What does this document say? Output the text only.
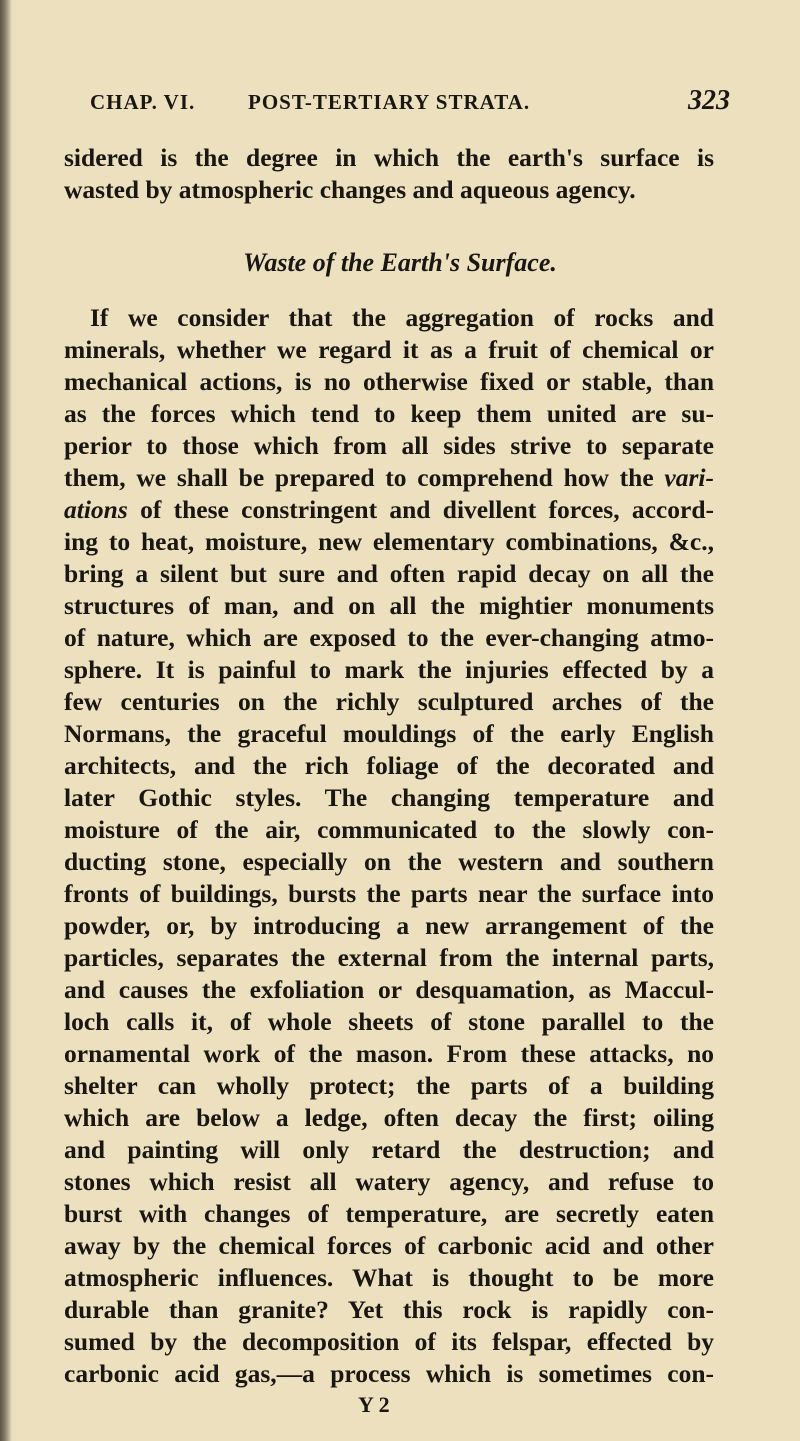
CHAP. VI.	POST-TERTIARY STRATA.	323
sidered is the degree in which the earth's surface is
wasted by atmospheric changes and aqueous agency.
Waste of the Earth's Surface.
If we consider that the aggregation of rocks and
minerals, whether we regard it as a fruit of chemical or
mechanical actions, is no otherwise fixed or stable, than
as the forces which tend to keep them united are su-
perior to those which from all sides strive to separate
them, we shall be prepared to comprehend how the vari-
ations of these constringent and divellent forces, accord-
ing to heat, moisture, new elementary combinations, &c.,
bring a silent but sure and often rapid decay on all the
structures of man, and on all the mightier monuments
of nature, which are exposed to the ever-changing atmo-
sphere. It is painful to mark the injuries effected by a
few centuries on the richly sculptured arches of the
Normans, the graceful mouldings of the early English
architects, and the rich foliage of the decorated and
later Gothic styles. The changing temperature and
moisture of the air, communicated to the slowly con-
ducting stone, especially on the western and southern
fronts of buildings, bursts the parts near the surface into
powder, or, by introducing a new arrangement of the
particles, separates the external from the internal parts,
and causes the exfoliation or desquamation, as Maccul-
loch calls it, of whole sheets of stone parallel to the
ornamental work of the mason. From these attacks, no
shelter can wholly protect; the parts of a building
which are below a ledge, often decay the first; oiling
and painting will only retard the destruction; and
stones which resist all watery agency, and refuse to
burst with changes of temperature, are secretly eaten
away by the chemical forces of carbonic acid and other
atmospheric influences. What is thought to be more
durable than granite? Yet this rock is rapidly con-
sumed by the decomposition of its felspar, effected by
carbonic acid gas,—a process which is sometimes con-
Y 2
